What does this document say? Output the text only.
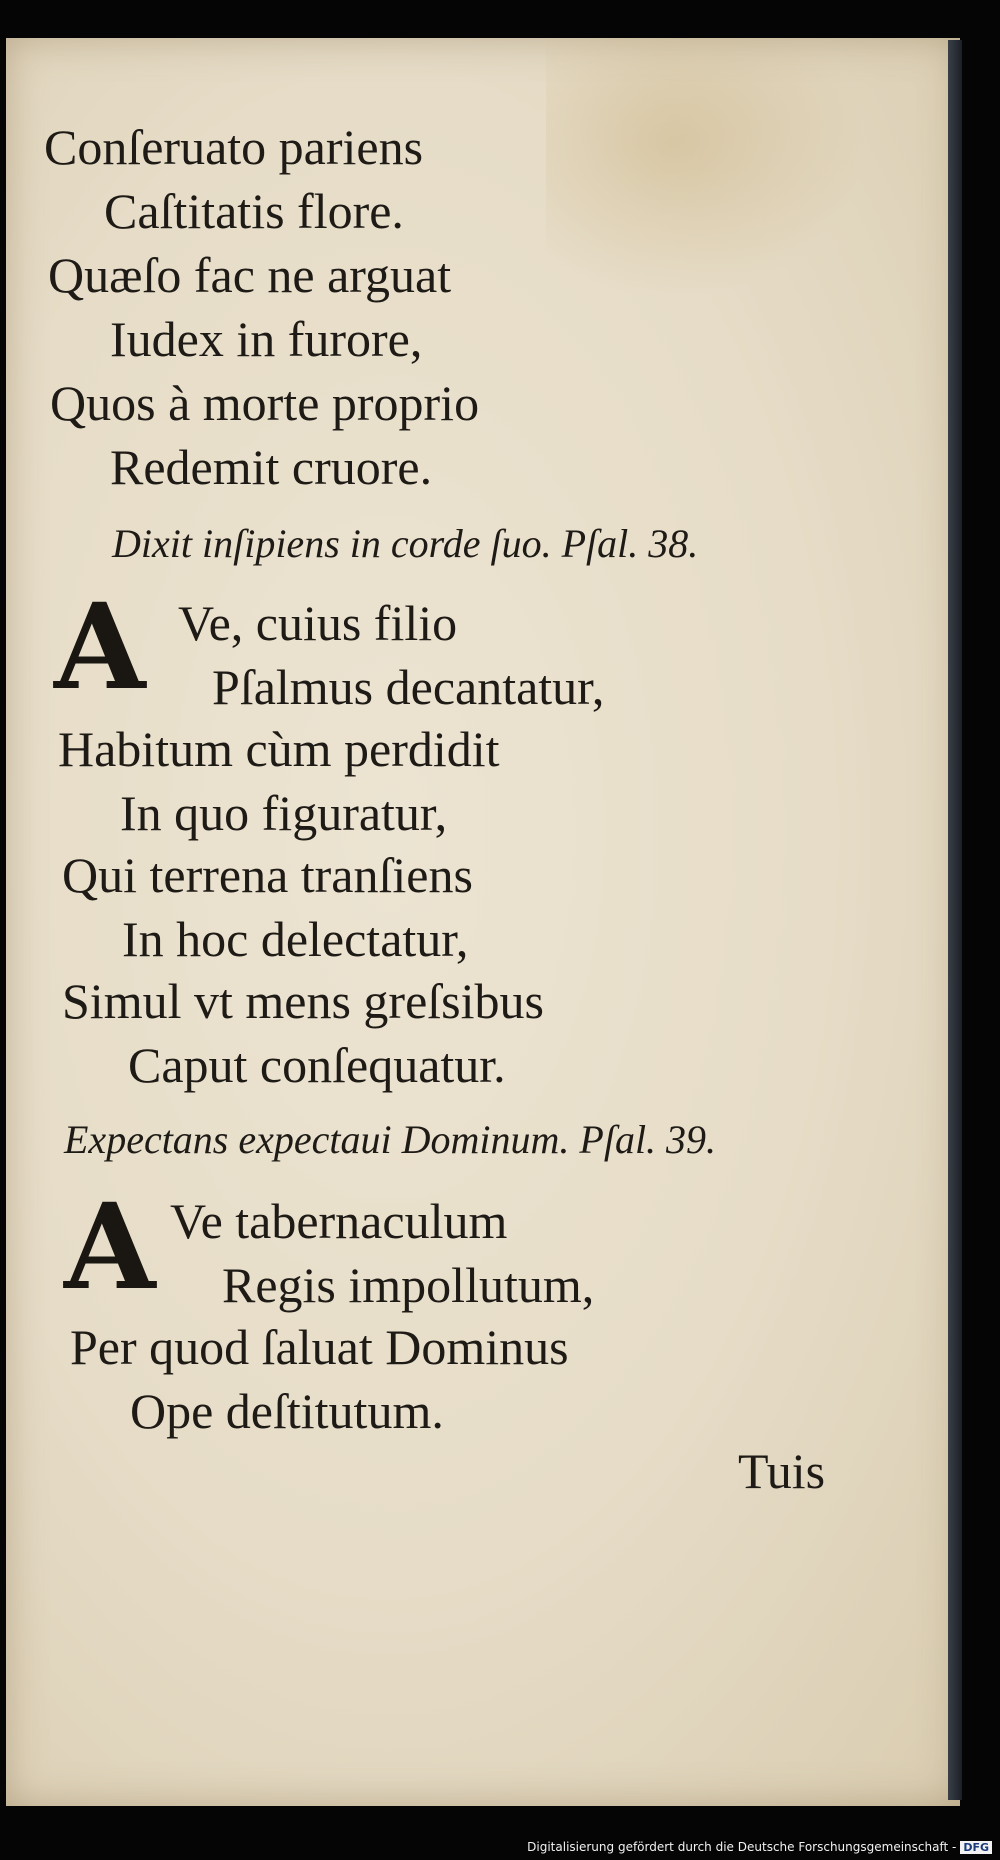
Conſeruato pariens
Caſtitatis flore.
Quæſo fac ne arguat
Iudex in furore,
Quos à morte proprio
Redemit cruore.
Dixit inſipiens in corde ſuo. Pſal. 38.
A Ve, cuius filio
Pſalmus decantatur,
Habitum cùm perdidit
In quo figuratur,
Qui terrena tranſiens
In hoc delectatur,
Simul vt mens greſsibus
Caput conſequatur.
Expectans expectaui Dominum. Pſal. 39.
A Ve tabernaculum
Regis impollutum,
Per quod ſaluat Dominus
Ope deſtitutum.
Tuis
Digitalisierung gefördert durch die Deutsche Forschungsgemeinschaft - DFG
